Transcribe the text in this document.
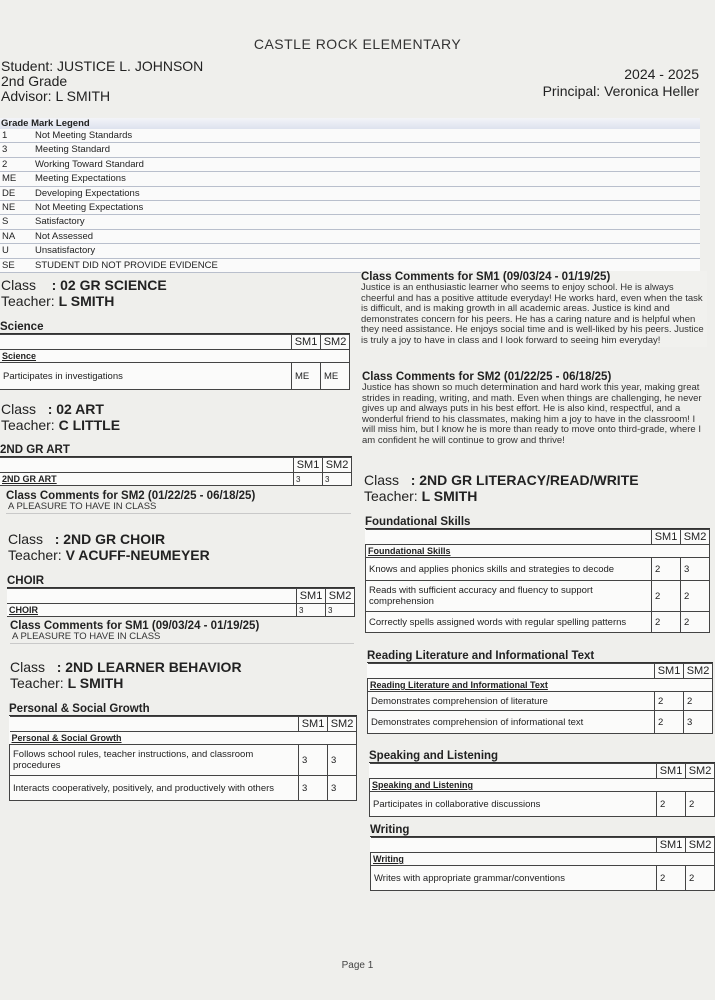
CASTLE ROCK ELEMENTARY
Student: JUSTICE L. JOHNSON
2nd Grade
Advisor: L SMITH
2024 - 2025
Principal: Veronica Heller
Grade Mark Legend
1	Not Meeting Standards
3	Meeting Standard
2	Working Toward Standard
ME Meeting Expectations
DE Developing Expectations
NE Not Meeting Expectations
S	Satisfactory
NA Not Assessed
U	Unsatisfactory
SE STUDENT DID NOT PROVIDE EVIDENCE
Class : 02 GR SCIENCE
Teacher: L SMITH
Science
	SM1	SM2
Science		
Participates in investigations	ME	ME
Class : 02 ART
Teacher: C LITTLE
2ND GR ART
	SM1	SM2
2ND GR ART	3	3
Class Comments for SM2 (01/22/25 - 06/18/25)
A PLEASURE TO HAVE IN CLASS
Class : 2ND GR CHOIR
Teacher: V ACUFF-NEUMEYER
CHOIR
	SM1	SM2
CHOIR	3	3
Class Comments for SM1 (09/03/24 - 01/19/25)
A PLEASURE TO HAVE IN CLASS
Class : 2ND LEARNER BEHAVIOR
Teacher: L SMITH
Personal & Social Growth
	SM1	SM2
Personal & Social Growth		
Follows school rules, teacher instructions, and classroom procedures	3	3
Interacts cooperatively, positively, and productively with others	3	3
Class Comments for SM1 (09/03/24 - 01/19/25)
Justice is an enthusiastic learner who seems to enjoy school. He is always cheerful and has a positive attitude everyday! He works hard, even when the task is difficult, and is making growth in all academic areas. Justice is kind and demonstrates concern for his peers. He has a caring nature and is helpful when they need assistance. He enjoys social time and is well-liked by his peers. Justice is truly a joy to have in class and I look forward to seeing him everyday!
Class Comments for SM2 (01/22/25 - 06/18/25)
Justice has shown so much determination and hard work this year, making great strides in reading, writing, and math. Even when things are challenging, he never gives up and always puts in his best effort. He is also kind, respectful, and a wonderful friend to his classmates, making him a joy to have in the classroom! I will miss him, but I know he is more than ready to move onto third-grade, where I am confident he will continue to grow and thrive!
Class : 2ND GR LITERACY/READ/WRITE
Teacher: L SMITH
Foundational Skills
	SM1	SM2
Foundational Skills		
Knows and applies phonics skills and strategies to decode	2	3
Reads with sufficient accuracy and fluency to support comprehension	2	2
Correctly spells assigned words with regular spelling patterns	2	2
Reading Literature and Informational Text
	SM1	SM2
Reading Literature and Informational Text		
Demonstrates comprehension of literature	2	2
Demonstrates comprehension of informational text	2	3
Speaking and Listening
	SM1	SM2
Speaking and Listening		
Participates in collaborative discussions	2	2
Writing
	SM1	SM2
Writing		
Writes with appropriate grammar/conventions	2	2
Page 1
